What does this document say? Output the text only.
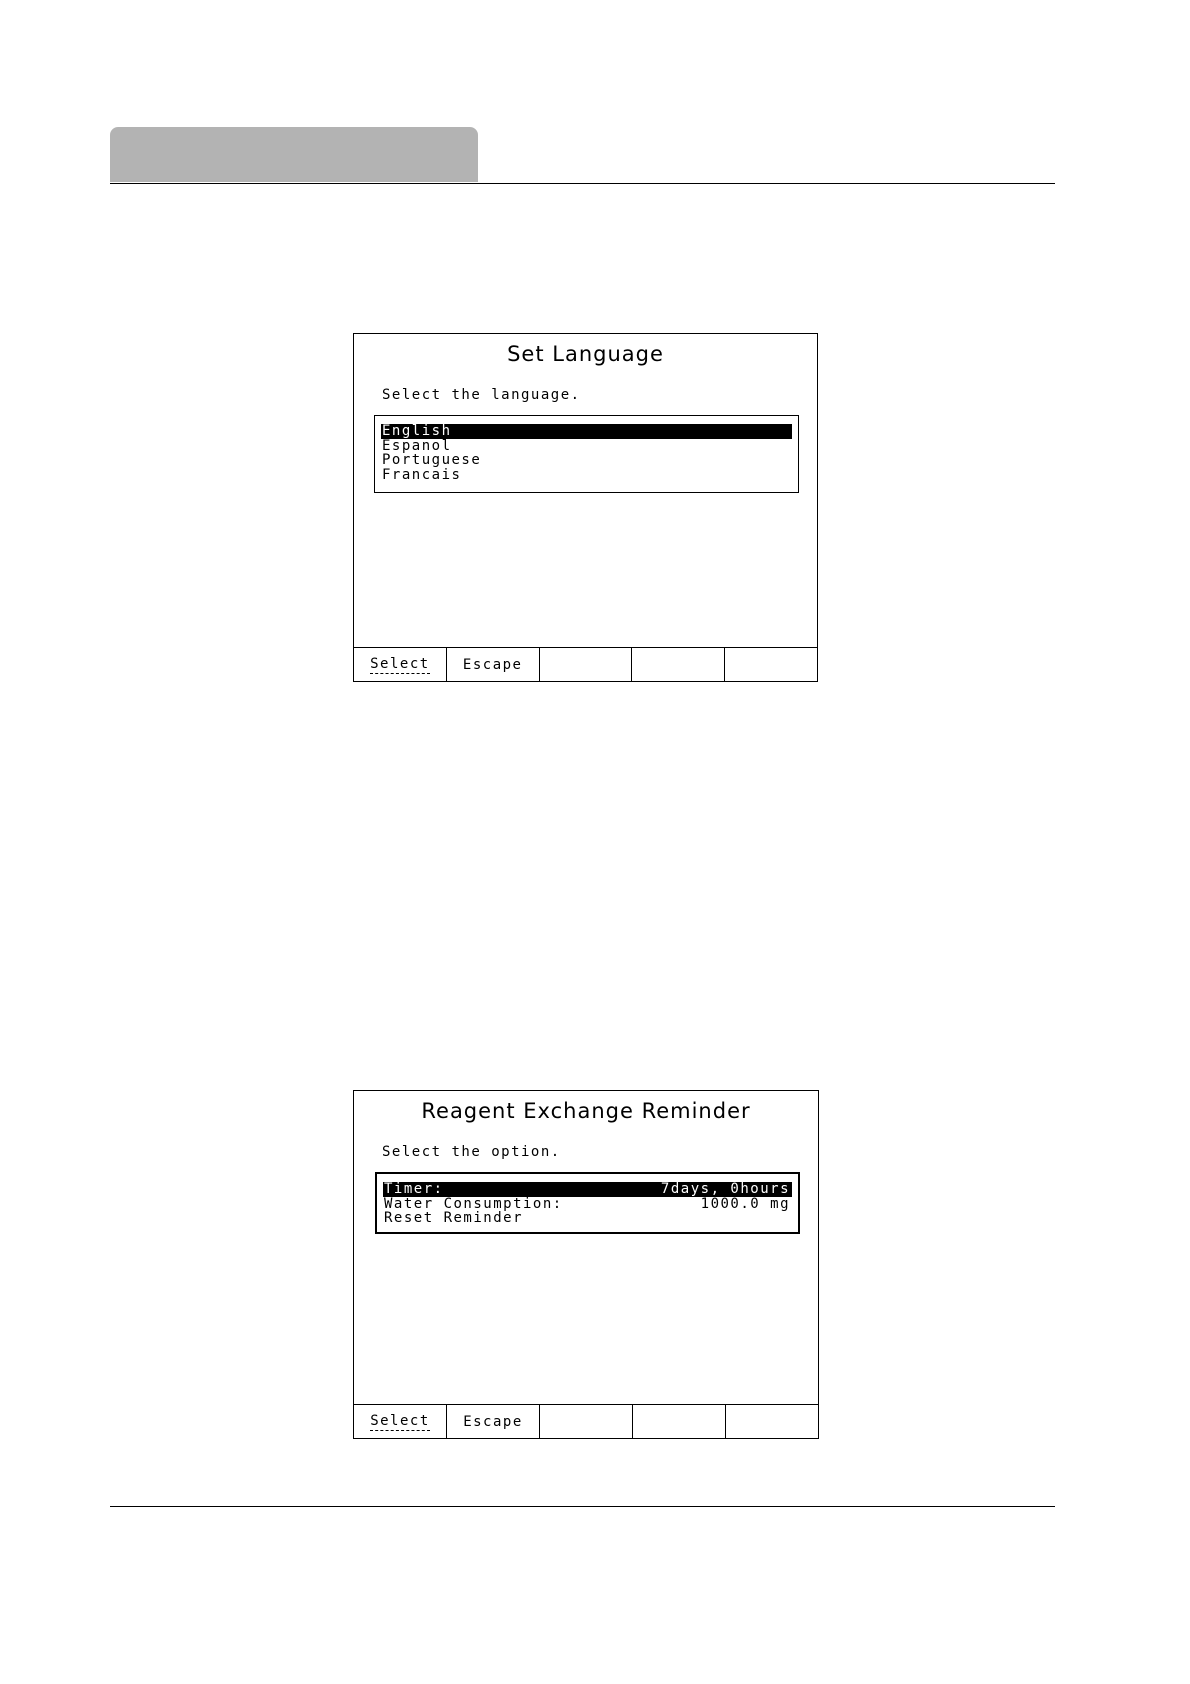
Set Language
Select the language.
English
Espanol
Portuguese
Francais
Select Escape
Reagent Exchange Reminder
Select the option.
Timer:	7days, 0hours
Water Consumption:	1000.0 mg
Reset Reminder
Select Escape
